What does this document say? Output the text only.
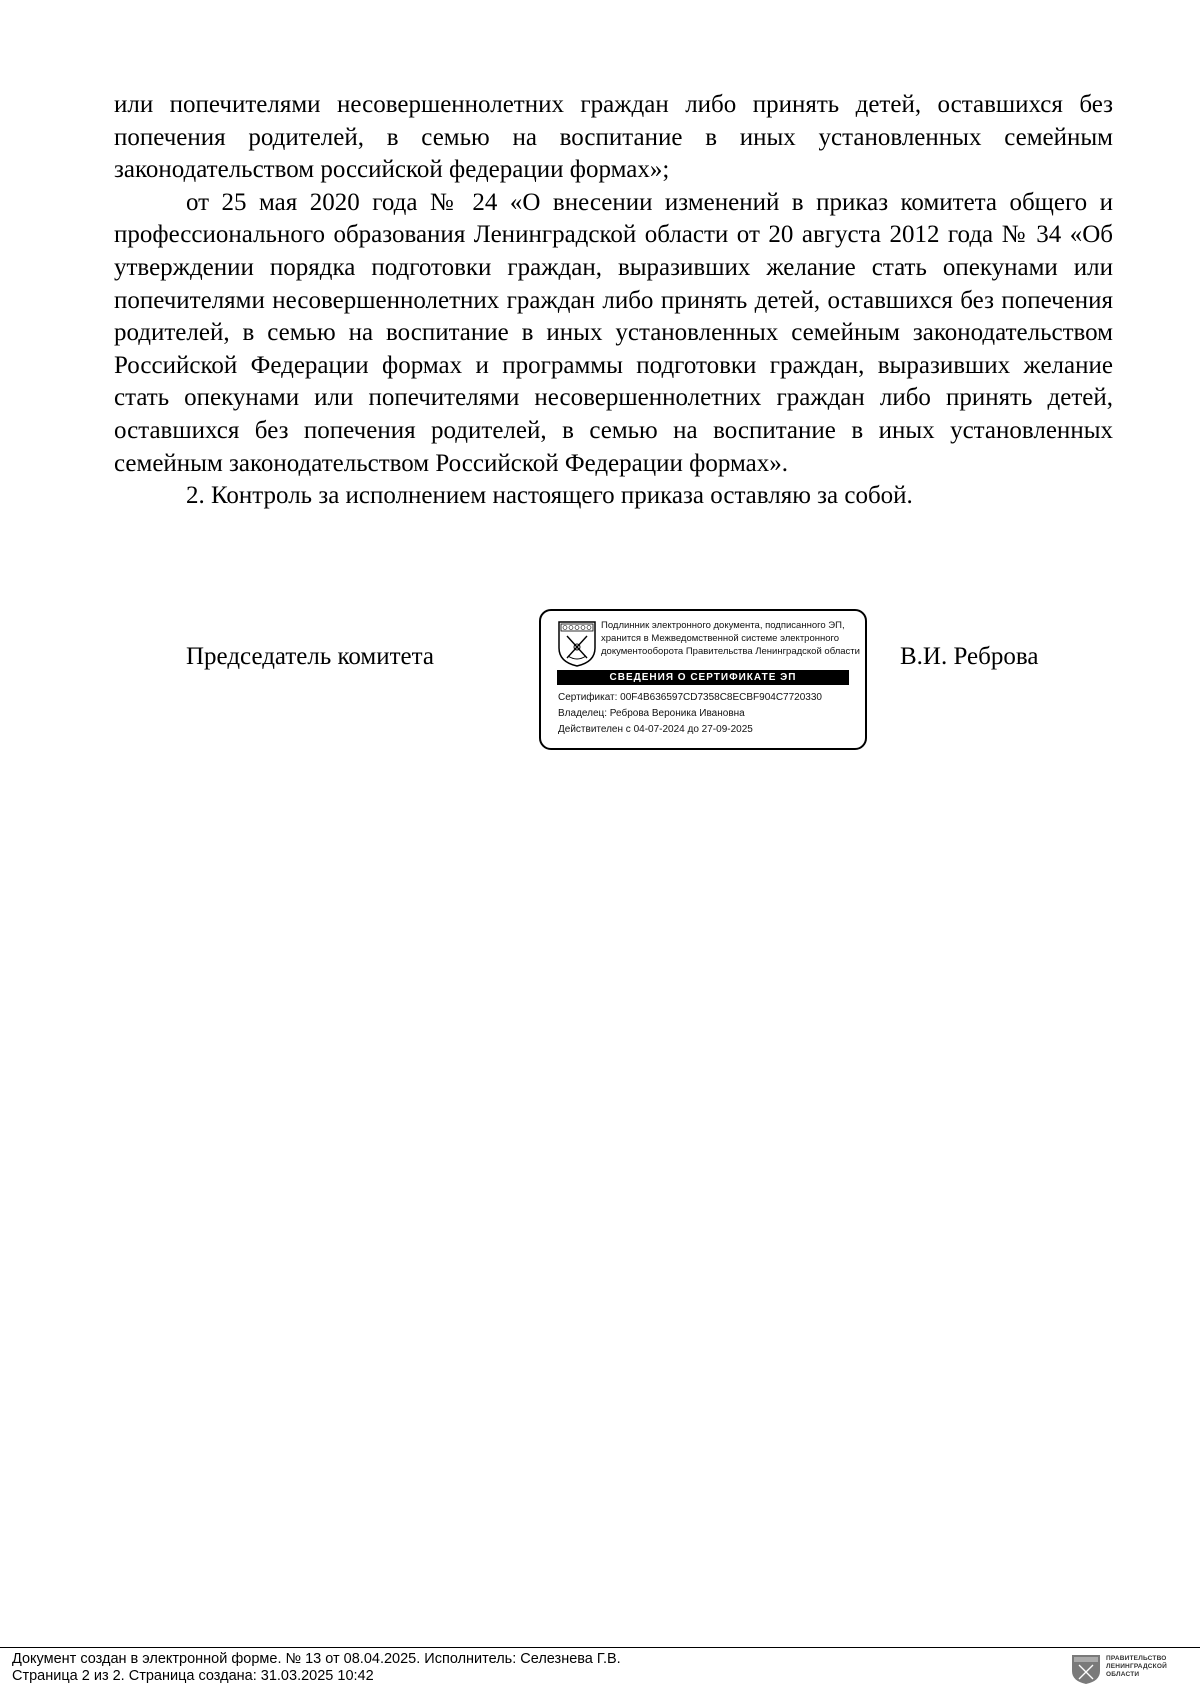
или попечителями несовершеннолетних граждан либо принять детей, оставшихся без попечения родителей, в семью на воспитание в иных установленных семейным законодательством российской федерации формах»;

от 25 мая 2020 года № 24 «О внесении изменений в приказ комитета общего и профессионального образования Ленинградской области от 20 августа 2012 года № 34 «Об утверждении порядка подготовки граждан, выразивших желание стать опекунами или попечителями несовершеннолетних граждан либо принять детей, оставшихся без попечения родителей, в семью на воспитание в иных установленных семейным законодательством Российской Федерации формах и программы подготовки граждан, выразивших желание стать опекунами или попечителями несовершеннолетних граждан либо принять детей, оставшихся без попечения родителей, в семью на воспитание в иных установленных семейным законодательством Российской Федерации формах».

2. Контроль за исполнением настоящего приказа оставляю за собой.

Председатель комитета
Подлинник электронного документа, подписанного ЭП,
хранится в Межведомственной системе электронного
документооборота Правительства Ленинградской области
СВЕДЕНИЯ О СЕРТИФИКАТЕ ЭП
Сертификат: 00F4B636597CD7358C8ECBF904C7720330
Владелец: Реброва Вероника Ивановна
Действителен с 04-07-2024 до 27-09-2025
В.И. Реброва
Документ создан в электронной форме. № 13 от 08.04.2025. Исполнитель: Селезнева Г.В.
Страница 2 из 2. Страница создана: 31.03.2025 10:42
ПРАВИТЕЛЬСТВО
ЛЕНИНГРАДСКОЙ
ОБЛАСТИ
